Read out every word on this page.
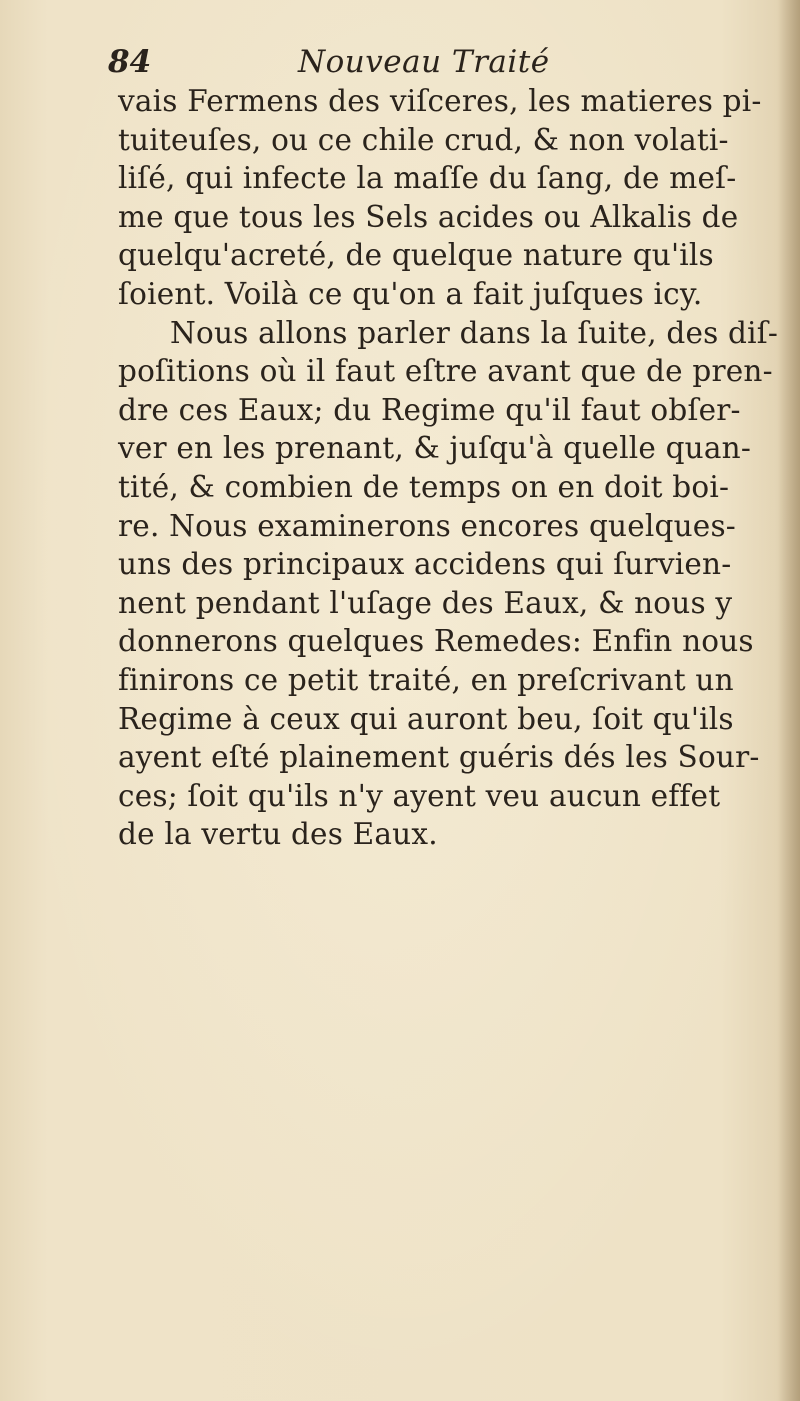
84	Nouveau Traité
vais Fermens des viſceres, les matieres pi-
tuiteuſes, ou ce chile crud, & non volati-
liſé, qui infecte la maſſe du ſang, de meſ-
me que tous les Sels acides ou Alkalis de
quelqu'acreté, de quelque nature qu'ils
ſoient. Voilà ce qu'on a fait juſques icy.
Nous allons parler dans la ſuite, des diſ-
poſitions où il faut eſtre avant que de pren-
dre ces Eaux; du Regime qu'il faut obſer-
ver en les prenant, & juſqu'à quelle quan-
tité, & combien de temps on en doit boi-
re. Nous examinerons encores quelques-
uns des principaux accidens qui ſurvien-
nent pendant l'uſage des Eaux, & nous y
donnerons quelques Remedes: Enfin nous
finirons ce petit traité, en preſcrivant un
Regime à ceux qui auront beu, ſoit qu'ils
ayent eſté plainement guéris dés les Sour-
ces; ſoit qu'ils n'y ayent veu aucun effet
de la vertu des Eaux.
